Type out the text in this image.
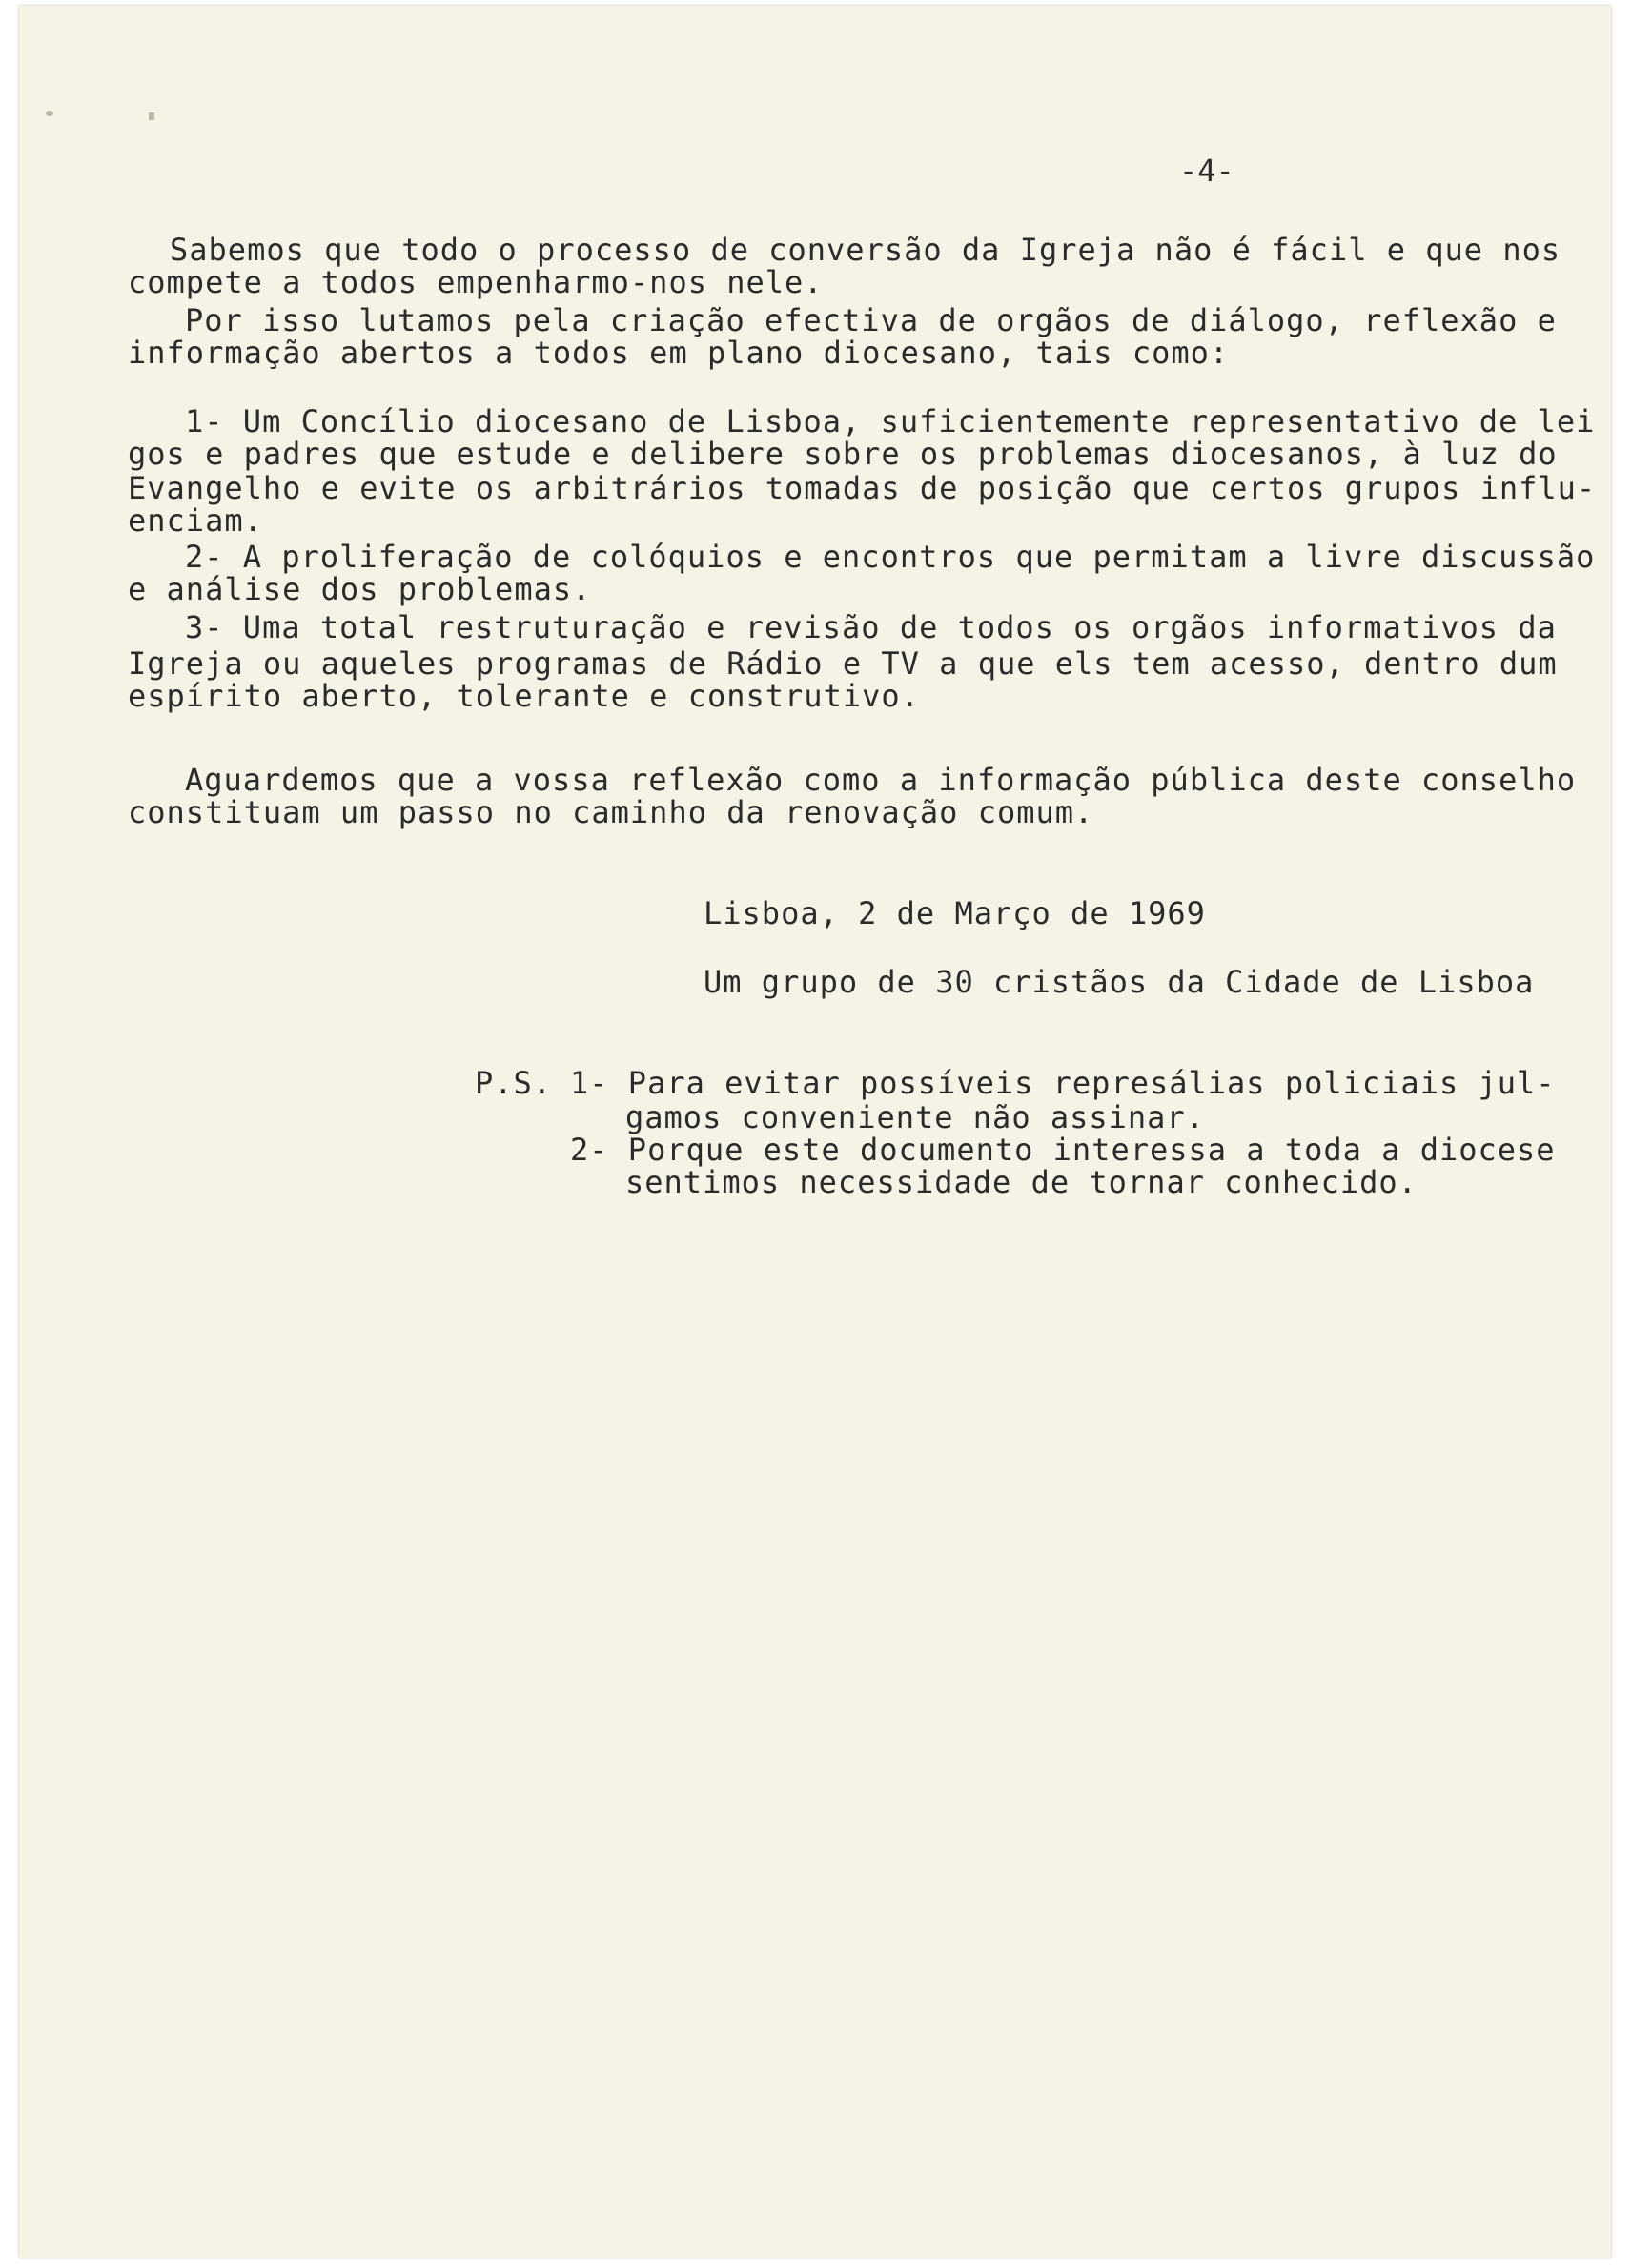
-4-
Sabemos que todo o processo de conversão da Igreja não é fácil e que nos
compete a todos empenharmo-nos nele.
Por isso lutamos pela criação efectiva de orgãos de diálogo, reflexão e
informação abertos a todos em plano diocesano, tais como:
1- Um Concílio diocesano de Lisboa, suficientemente representativo de lei
gos e padres que estude e delibere sobre os problemas diocesanos, à luz do
Evangelho e evite os arbitrários tomadas de posição que certos grupos influ-
enciam.
2- A proliferação de colóquios e encontros que permitam a livre discussão
e análise dos problemas.
3- Uma total restruturação e revisão de todos os orgãos informativos da
Igreja ou aqueles programas de Rádio e TV a que els tem acesso, dentro dum
espírito aberto, tolerante e construtivo.
Aguardemos que a vossa reflexão como a informação pública deste conselho
constituam um passo no caminho da renovação comum.
Lisboa, 2 de Março de 1969
Um grupo de 30 cristãos da Cidade de Lisboa
P.S. 1- Para evitar possíveis represálias policiais jul-
gamos conveniente não assinar.
2- Porque este documento interessa a toda a diocese
sentimos necessidade de tornar conhecido.
